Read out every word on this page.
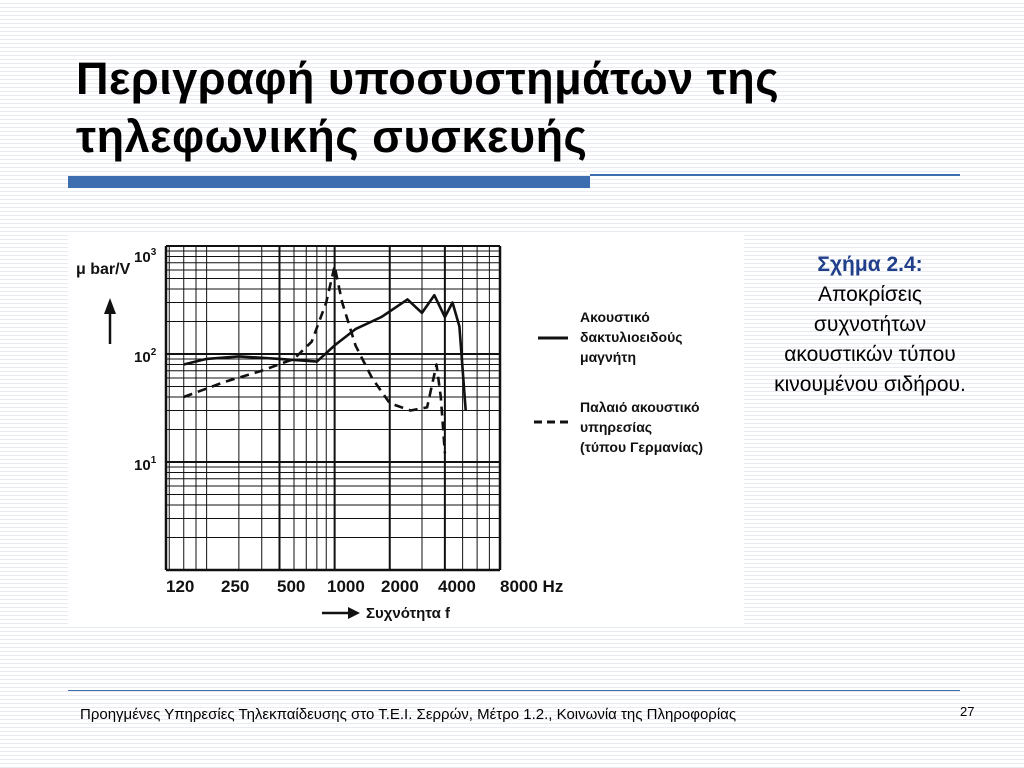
Περιγραφή υποσυστημάτων της τηλεφωνικής συσκευής
μ bar/V
$10^1$
$10^2$
$10^3$
120 250 500 1000 2000 4000 8000 Hz
Συχνότητα f
Ακουστικό δακτυλιοειδούς μαγνήτη
Παλαιό ακουστικό υπηρεσίας (τύπου Γερμανίας)
Σχήμα 2.4:
Αποκρίσεις συχνοτήτων ακουστικών τύπου κινουμένου σιδήρου.
Προηγμένες Υπηρεσίες Τηλεκπαίδευσης στο Τ.Ε.Ι. Σερρών, Μέτρο 1.2., Κοινωνία της Πληροφορίας	27
